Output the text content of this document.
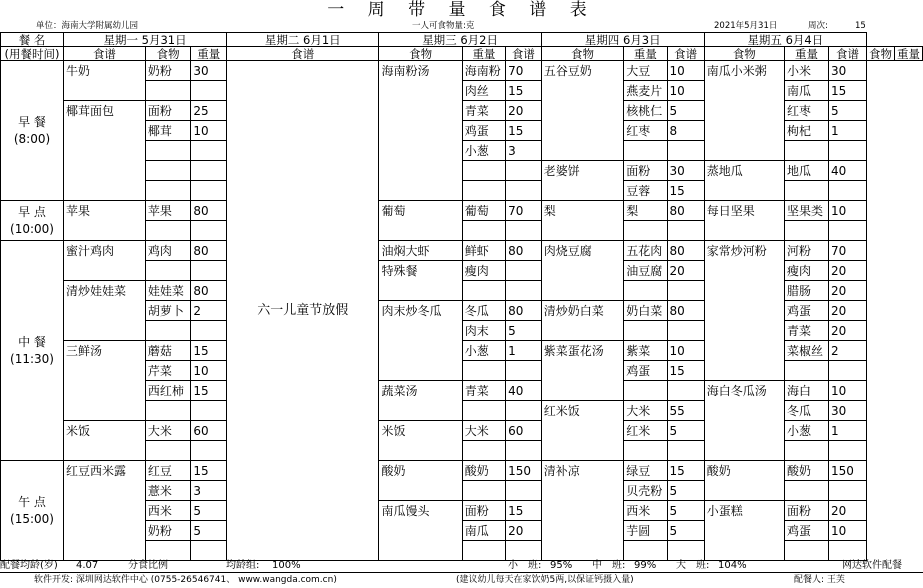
一 周 带 量 食 谱 表
单位：海南大学附属幼儿园	一人可食物量:克	2021年5月31日	周次:	15
餐 名	星期一 5月31日			星期二 6月1日	星期三 6月2日			星期四 6月3日			星期五 6月4日				
(用餐时间)	食谱	食物	重量	食谱	食物	重量	食谱	食物	重量	食谱	食物	重量	食谱	食物	重量

早 餐
(8:00)	牛奶	奶粉	30	六一儿童节放假	海南粉汤	海南粉	70	五谷豆奶	大豆	10	南瓜小米粥	小米	30		
						肉丝	15		燕麦片	10		南瓜	15		
	椰茸面包	面粉	25			青菜	20		核桃仁	5		红枣	5		
		椰茸	10			鸡蛋	15		红枣	8		枸杞	1		
						小葱	3								
								老婆饼	面粉	30	蒸地瓜	地瓜	40		
									豆蓉	15					

早 点
(10:00)	苹果	苹果	80		葡萄	葡萄	70	梨	梨	80	每日坚果	坚果类	10		

中 餐
(11:30)	蜜汁鸡肉	鸡肉	80		油焖大虾	鲜虾	80	肉烧豆腐	五花肉	80	家常炒河粉	河粉	70		
					特殊餐	瘦肉			油豆腐	20		瘦肉	20		
	清炒娃娃菜	娃娃菜	80									腊肠	20		
		胡萝卜	2		肉末炒冬瓜	冬瓜	80	清炒奶白菜	奶白菜	80		鸡蛋	20		
						肉末	5					青菜	20		
	三鲜汤	蘑菇	15			小葱	1	紫菜蛋花汤	紫菜	10		菜椒丝	2		
		芹菜	10						鸡蛋	15					
		西红柿	15		蔬菜汤	青菜	40				海白冬瓜汤	海白	10		
								红米饭	大米	55		冬瓜	30		
	米饭	大米	60		米饭	大米	60		红米	5		小葱	1		

午 点
(15:00)	红豆西米露	红豆	15		酸奶	酸奶	150	清补凉	绿豆	15	酸奶	酸奶	150		
		薏米	3						贝壳粉	5					
		西米	5		南瓜馒头	面粉	15		西米	5	小蛋糕	面粉	20		
		奶粉	5			南瓜	20		芋圆	5		鸡蛋	10		

配餐均龄(岁) 4.07	分食比例	均龄组: 100%	小　班: 95% 中　班: 99% 大　班: 104%	网达软件配餐
软件开发: 深圳网达软件中心 (0755-26546741、 www.wangda.com.cn)	(建议幼儿每天在家饮奶5两,以保证钙摄入量)	配餐人: 王芙
